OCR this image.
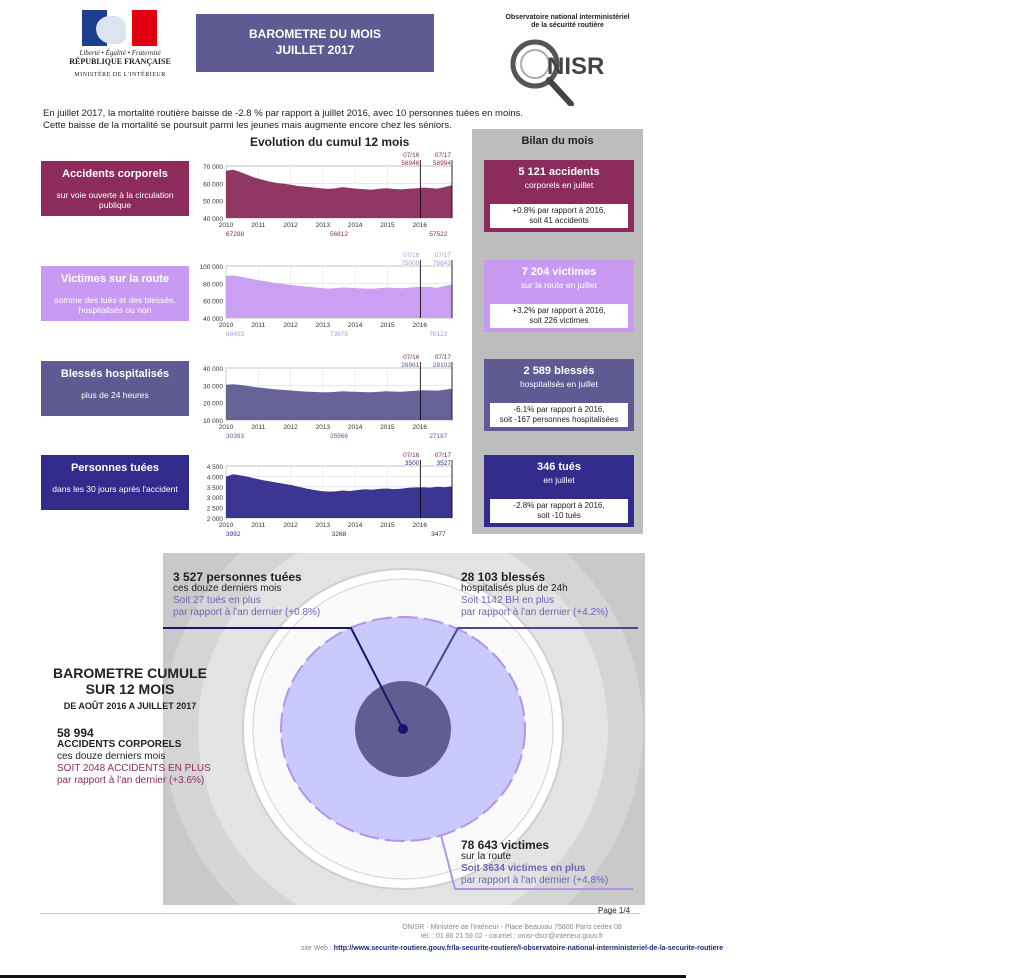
Liberté • Égalité • Fraternité
RÉPUBLIQUE FRANÇAISE
MINISTÈRE DE L'INTÉRIEUR
BAROMETRE DU MOIS
JUILLET 2017
Observatoire national interministériel
de la sécurité routière
NISR
En juillet 2017, la mortalité routière baisse de -2.8 % par rapport à juillet 2016, avec 10 personnes tuées en moins.
Cette baisse de la mortalité se poursuit parmi les jeunes mais augmente encore chez les séniors.
Bilan du mois
Evolution du cumul 12 mois
Accidents corporels
sur voie ouverte à la circulation publique
70 000
60 000
50 000
40 000
2010	2011	2012	2013	2014	2015	2016
07/16
56946
07/17
58994
67288	56812	57522
5 121 accidents
corporels en juillet
+0.8% par rapport à 2016,
soit 41 accidents
Victimes sur la route
somme des tués et des blessés, hospitalisés ou non
100 000
80 000
60 000
40 000
2010	2011	2012	2013	2014	2015	2016
07/16
75009
07/17
78643
88453	73875	76122
7 204 victimes
sur la route en juillet
+3.2% par rapport à 2016,
soit 226 victimes
Blessés hospitalisés
plus de 24 heures
40 000
30 000
20 000
10 000
2010	2011	2012	2013	2014	2015	2016
07/16
26961
07/17
28103
30393	25966	27187
2 589 blessés
hospitalisés en juillet
-6.1% par rapport à 2016,
soit -167 personnes hospitalisées
Personnes tuées
dans les 30 jours après l'accident
4 500
4 000
3 500
3 000
2 500
2 000
2010	2011	2012	2013	2014	2015	2016
07/16
3500
07/17
3527
3992	3268	3477
346 tués
en juillet
-2.8% par rapport à 2016,
soit -10 tués
3 527 personnes tuées
ces douze derniers mois
Soit 27 tués en plus
par rapport à l'an dernier (+0.8%)
28 103 blessés
hospitalisés plus de 24h
Soit 1142 BH en plus
par rapport à l'an dernier (+4.2%)
78 643 victimes
sur la route
Soit 3634 victimes en plus
par rapport à l'an dernier (+4.8%)
BAROMETRE CUMULE
SUR 12 MOIS
DE AOÛT 2016 A JUILLET 2017
58 994
ACCIDENTS CORPORELS
ces douze derniers mois
SOIT 2048 ACCIDENTS EN PLUS
par rapport à l'an dernier (+3.6%)
Page 1/4
ONISR - Ministère de l'intérieur - Place Beauvau 75800 Paris cedex 08
tél. : 01 86 21 59 02 - courriel : onisr-dscr@interieur.gouv.fr
site Web : http://www.securite-routiere.gouv.fr/la-securite-routiere/l-observatoire-national-interministeriel-de-la-securite-routiere
